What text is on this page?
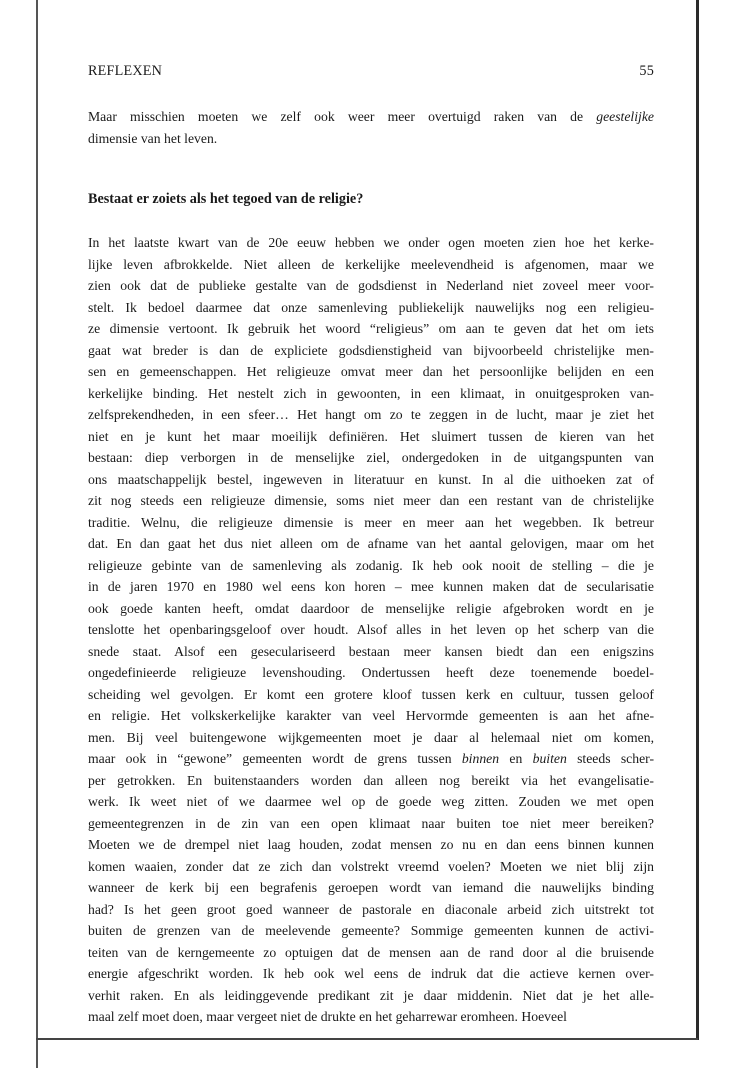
REFLEXEN	55
Maar misschien moeten we zelf ook weer meer overtuigd raken van de geestelijke
dimensie van het leven.
Bestaat er zoiets als het tegoed van de religie?
In het laatste kwart van de 20e eeuw hebben we onder ogen moeten zien hoe het kerke-
lijke leven afbrokkelde. Niet alleen de kerkelijke meelevendheid is afgenomen, maar we
zien ook dat de publieke gestalte van de godsdienst in Nederland niet zoveel meer voor-
stelt. Ik bedoel daarmee dat onze samenleving publiekelijk nauwelijks nog een religieu-
ze dimensie vertoont. Ik gebruik het woord “religieus” om aan te geven dat het om iets
gaat wat breder is dan de expliciete godsdienstigheid van bijvoorbeeld christelijke men-
sen en gemeenschappen. Het religieuze omvat meer dan het persoonlijke belijden en een
kerkelijke binding. Het nestelt zich in gewoonten, in een klimaat, in onuitgesproken van-
zelfsprekendheden, in een sfeer… Het hangt om zo te zeggen in de lucht, maar je ziet het
niet en je kunt het maar moeilijk definiëren. Het sluimert tussen de kieren van het
bestaan: diep verborgen in de menselijke ziel, ondergedoken in de uitgangspunten van
ons maatschappelijk bestel, ingeweven in literatuur en kunst. In al die uithoeken zat of
zit nog steeds een religieuze dimensie, soms niet meer dan een restant van de christelijke
traditie. Welnu, die religieuze dimensie is meer en meer aan het wegebben. Ik betreur
dat. En dan gaat het dus niet alleen om de afname van het aantal gelovigen, maar om het
religieuze gebinte van de samenleving als zodanig. Ik heb ook nooit de stelling – die je
in de jaren 1970 en 1980 wel eens kon horen – mee kunnen maken dat de secularisatie
ook goede kanten heeft, omdat daardoor de menselijke religie afgebroken wordt en je
tenslotte het openbaringsgeloof over houdt. Alsof alles in het leven op het scherp van die
snede staat. Alsof een geseculariseerd bestaan meer kansen biedt dan een enigszins
ongedefinieerde religieuze levenshouding. Ondertussen heeft deze toenemende boedel-
scheiding wel gevolgen. Er komt een grotere kloof tussen kerk en cultuur, tussen geloof
en religie. Het volkskerkelijke karakter van veel Hervormde gemeenten is aan het afne-
men. Bij veel buitengewone wijkgemeenten moet je daar al helemaal niet om komen,
maar ook in “gewone” gemeenten wordt de grens tussen binnen en buiten steeds scher-
per getrokken. En buitenstaanders worden dan alleen nog bereikt via het evangelisatie-
werk. Ik weet niet of we daarmee wel op de goede weg zitten. Zouden we met open
gemeentegrenzen in de zin van een open klimaat naar buiten toe niet meer bereiken?
Moeten we de drempel niet laag houden, zodat mensen zo nu en dan eens binnen kunnen
komen waaien, zonder dat ze zich dan volstrekt vreemd voelen? Moeten we niet blij zijn
wanneer de kerk bij een begrafenis geroepen wordt van iemand die nauwelijks binding
had? Is het geen groot goed wanneer de pastorale en diaconale arbeid zich uitstrekt tot
buiten de grenzen van de meelevende gemeente? Sommige gemeenten kunnen de activi-
teiten van de kerngemeente zo optuigen dat de mensen aan de rand door al die bruisende
energie afgeschrikt worden. Ik heb ook wel eens de indruk dat die actieve kernen over-
verhit raken. En als leidinggevende predikant zit je daar middenin. Niet dat je het alle-
maal zelf moet doen, maar vergeet niet de drukte en het geharrewar eromheen. Hoeveel
